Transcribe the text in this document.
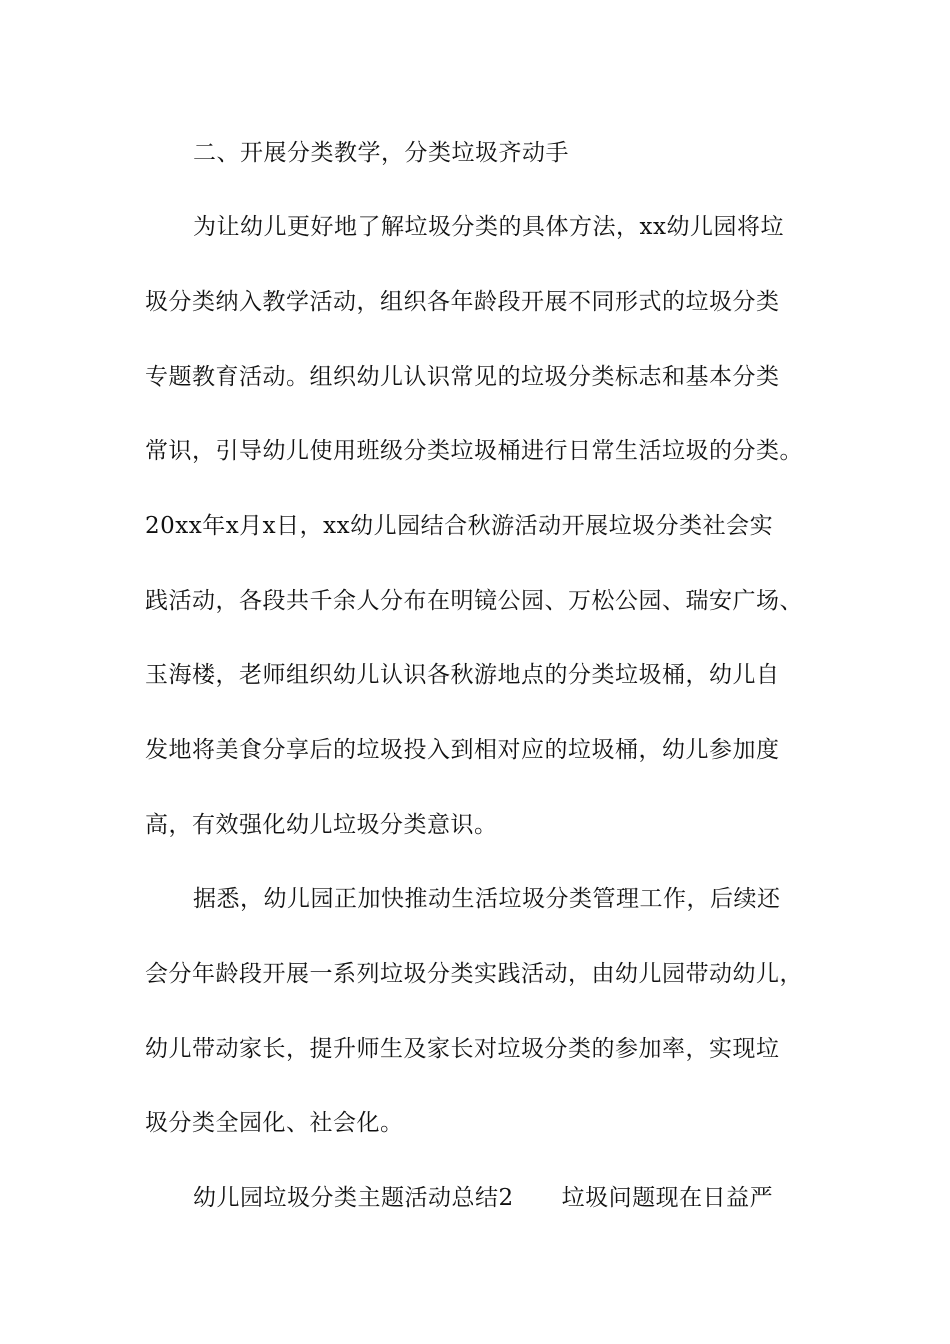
二、开展分类教学，分类垃圾齐动手
为让幼儿更好地了解垃圾分类的具体方法，xx幼儿园将垃
圾分类纳入教学活动，组织各年龄段开展不同形式的垃圾分类
专题教育活动。组织幼儿认识常见的垃圾分类标志和基本分类
常识，引导幼儿使用班级分类垃圾桶进行日常生活垃圾的分类。
20xx年x月x日，xx幼儿园结合秋游活动开展垃圾分类社会实
践活动，各段共千余人分布在明镜公园、万松公园、瑞安广场、
玉海楼，老师组织幼儿认识各秋游地点的分类垃圾桶，幼儿自
发地将美食分享后的垃圾投入到相对应的垃圾桶，幼儿参加度
高，有效强化幼儿垃圾分类意识。
据悉，幼儿园正加快推动生活垃圾分类管理工作，后续还
会分年龄段开展一系列垃圾分类实践活动，由幼儿园带动幼儿，
幼儿带动家长，提升师生及家长对垃圾分类的参加率，实现垃
圾分类全园化、社会化。
幼儿园垃圾分类主题活动总结2 垃圾问题现在日益严
